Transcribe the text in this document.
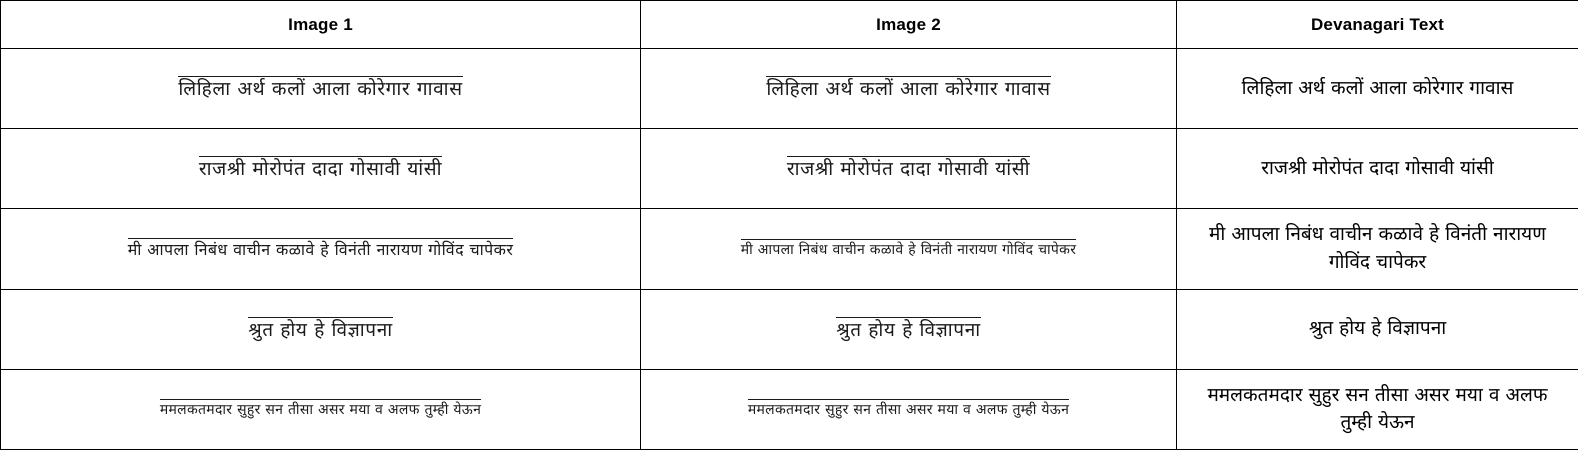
Image 1	Image 2	Devanagari Text
लिहिला अर्थ कलों आला कोरेगार गावास	लिहिला अर्थ कलों आला कोरेगार गावास	लिहिला अर्थ कलों आला कोरेगार गावास

राजश्री मोरोपंत दादा गोसावी यांसी	राजश्री मोरोपंत दादा गोसावी यांसी	राजश्री मोरोपंत दादा गोसावी यांसी

मी आपला निबंध वाचीन कळावे हे विनंती नारायण गोविंद चापेकर	मी आपला निबंध वाचीन कळावे हे विनंती नारायण गोविंद चापेकर	मी आपला निबंध वाचीन कळावे हे विनंती नारायण गोविंद चापेकर

श्रुत होय हे विज्ञापना	श्रुत होय हे विज्ञापना	श्रुत होय हे विज्ञापना

ममलकतमदार सुहुर सन तीसा असर मया व अलफ तुम्ही येऊन	ममलकतमदार सुहुर सन तीसा असर मया व अलफ तुम्ही येऊन	ममलकतमदार सुहुर सन तीसा असर मया व अलफ तुम्ही येऊन
